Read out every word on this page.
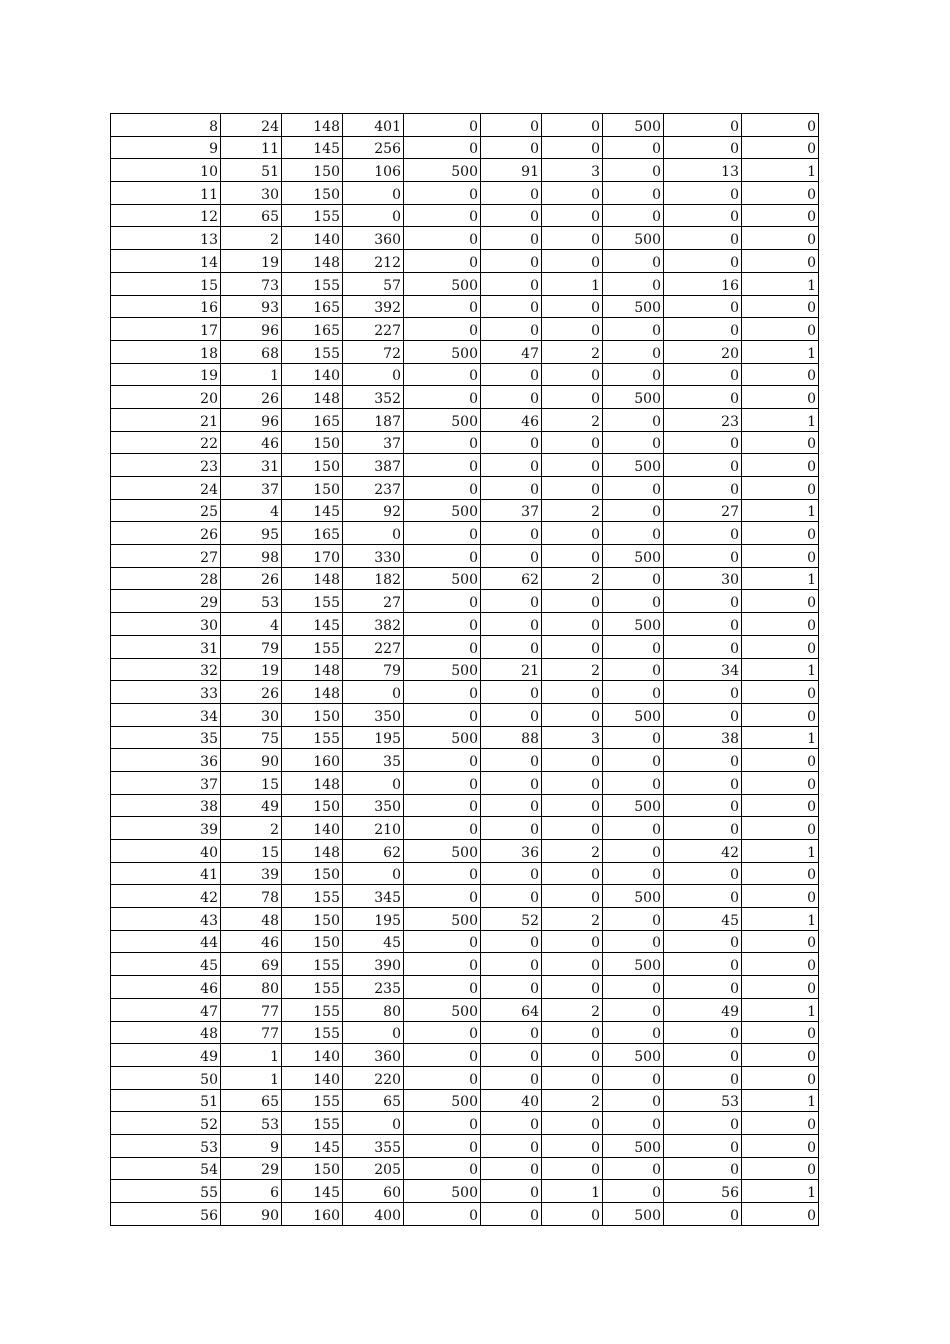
8	24	148	401	0	0	0	500	0	0
9	11	145	256	0	0	0	0	0	0
10	51	150	106	500	91	3	0	13	1
11	30	150	0	0	0	0	0	0	0
12	65	155	0	0	0	0	0	0	0
13	2	140	360	0	0	0	500	0	0
14	19	148	212	0	0	0	0	0	0
15	73	155	57	500	0	1	0	16	1
16	93	165	392	0	0	0	500	0	0
17	96	165	227	0	0	0	0	0	0
18	68	155	72	500	47	2	0	20	1
19	1	140	0	0	0	0	0	0	0
20	26	148	352	0	0	0	500	0	0
21	96	165	187	500	46	2	0	23	1
22	46	150	37	0	0	0	0	0	0
23	31	150	387	0	0	0	500	0	0
24	37	150	237	0	0	0	0	0	0
25	4	145	92	500	37	2	0	27	1
26	95	165	0	0	0	0	0	0	0
27	98	170	330	0	0	0	500	0	0
28	26	148	182	500	62	2	0	30	1
29	53	155	27	0	0	0	0	0	0
30	4	145	382	0	0	0	500	0	0
31	79	155	227	0	0	0	0	0	0
32	19	148	79	500	21	2	0	34	1
33	26	148	0	0	0	0	0	0	0
34	30	150	350	0	0	0	500	0	0
35	75	155	195	500	88	3	0	38	1
36	90	160	35	0	0	0	0	0	0
37	15	148	0	0	0	0	0	0	0
38	49	150	350	0	0	0	500	0	0
39	2	140	210	0	0	0	0	0	0
40	15	148	62	500	36	2	0	42	1
41	39	150	0	0	0	0	0	0	0
42	78	155	345	0	0	0	500	0	0
43	48	150	195	500	52	2	0	45	1
44	46	150	45	0	0	0	0	0	0
45	69	155	390	0	0	0	500	0	0
46	80	155	235	0	0	0	0	0	0
47	77	155	80	500	64	2	0	49	1
48	77	155	0	0	0	0	0	0	0
49	1	140	360	0	0	0	500	0	0
50	1	140	220	0	0	0	0	0	0
51	65	155	65	500	40	2	0	53	1
52	53	155	0	0	0	0	0	0	0
53	9	145	355	0	0	0	500	0	0
54	29	150	205	0	0	0	0	0	0
55	6	145	60	500	0	1	0	56	1
56	90	160	400	0	0	0	500	0	0
